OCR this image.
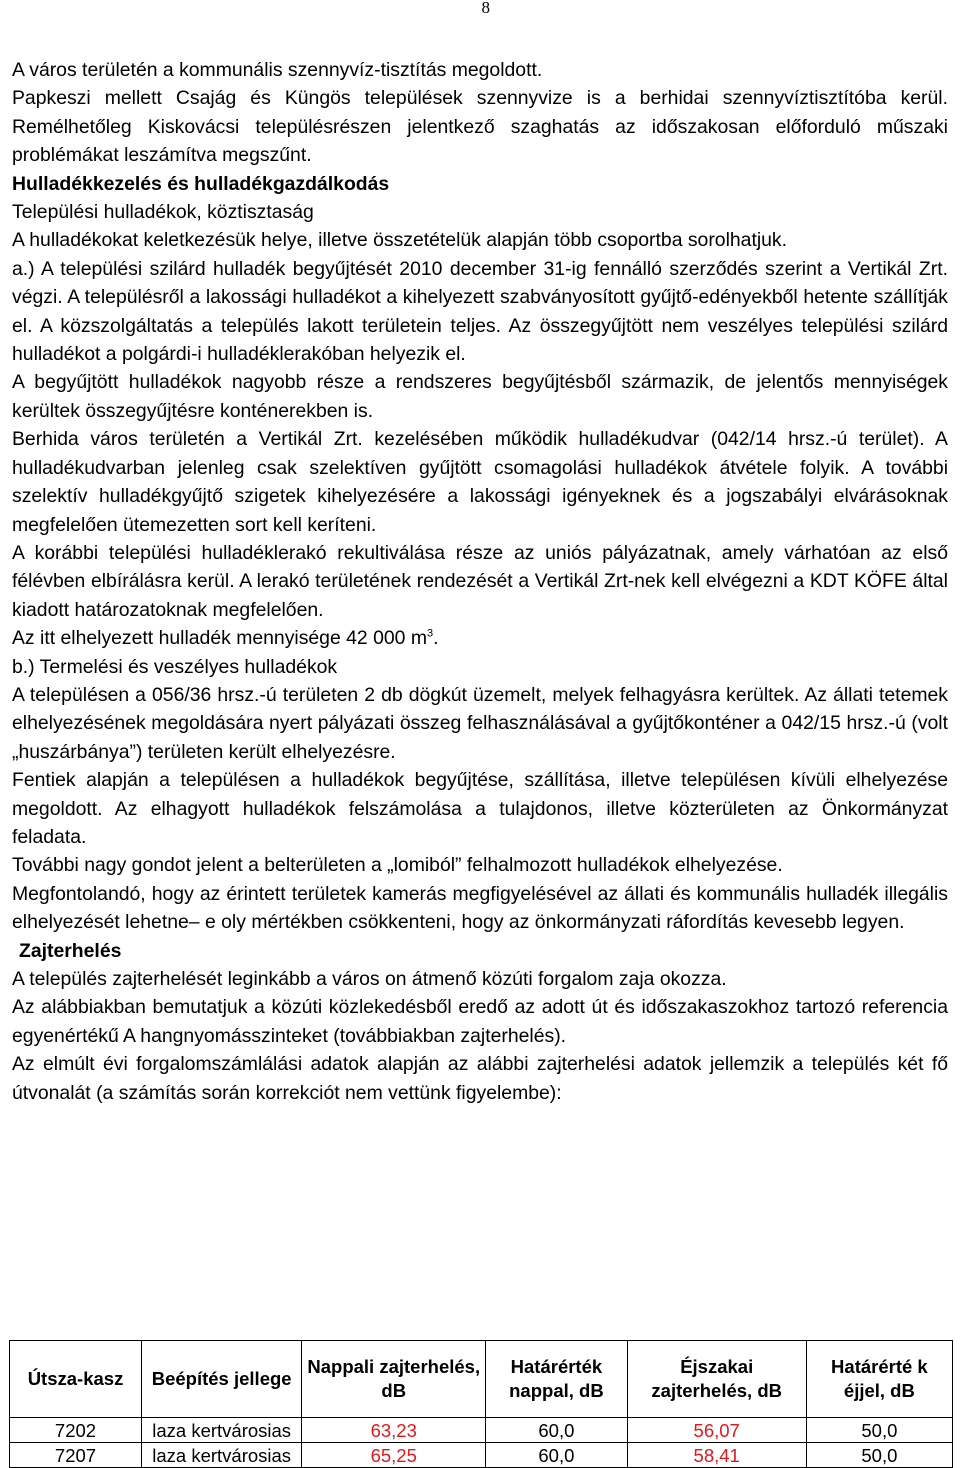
8

A város területén a kommunális szennyvíz-tisztítás megoldott.

Papkeszi mellett Csajág és Küngös települések szennyvize is a berhidai szennyvíztisztítóba kerül. Remélhetőleg Kiskovácsi településrészen jelentkező szaghatás az időszakosan előforduló műszaki problémákat leszámítva megszűnt.

Hulladékkezelés és hulladékgazdálkodás

Települési hulladékok, köztisztaság

A hulladékokat keletkezésük helye, illetve összetételük alapján több csoportba sorolhatjuk.

a.) A települési szilárd hulladék begyűjtését 2010 december 31-ig fennálló szerződés szerint a Vertikál Zrt. végzi. A településről a lakossági hulladékot a kihelyezett szabványosított gyűjtő-edényekből hetente szállítják el. A közszolgáltatás a település lakott területein teljes. Az összegyűjtött nem veszélyes települési szilárd hulladékot a polgárdi-i hulladéklerakóban helyezik el.

A begyűjtött hulladékok nagyobb része a rendszeres begyűjtésből származik, de jelentős mennyiségek kerültek összegyűjtésre konténerekben is.

Berhida város területén a Vertikál Zrt. kezelésében működik hulladékudvar (042/14 hrsz.-ú terület). A hulladékudvarban jelenleg csak szelektíven gyűjtött csomagolási hulladékok átvétele folyik. A további szelektív hulladékgyűjtő szigetek kihelyezésére a lakossági igényeknek és a jogszabályi elvárásoknak megfelelően ütemezetten sort kell keríteni.

A korábbi települési hulladéklerakó rekultiválása része az uniós pályázatnak, amely várhatóan az első félévben elbírálásra kerül. A lerakó területének rendezését a Vertikál Zrt-nek kell elvégezni a KDT KÖFE által kiadott határozatoknak megfelelően.

Az itt elhelyezett hulladék mennyisége 42 000 $m^3$.

b.) Termelési és veszélyes hulladékok

A településen a 056/36 hrsz.-ú területen 2 db dögkút üzemelt, melyek felhagyásra kerültek. Az állati tetemek elhelyezésének megoldására nyert pályázati összeg felhasználásával a gyűjtőkonténer a 042/15 hrsz.-ú (volt „huszárbánya”) területen került elhelyezésre.

Fentiek alapján a településen a hulladékok begyűjtése, szállítása, illetve településen kívüli elhelyezése megoldott. Az elhagyott hulladékok felszámolása a tulajdonos, illetve közterületen az Önkormányzat feladata.

További nagy gondot jelent a belterületen a „lomiból” felhalmozott hulladékok elhelyezése.

Megfontolandó, hogy az érintett területek kamerás megfigyelésével az állati és kommunális hulladék illegális elhelyezését lehetne– e oly mértékben csökkenteni, hogy az önkormányzati ráfordítás kevesebb legyen.

Zajterhelés

A település zajterhelését leginkább a város on átmenő közúti forgalom zaja okozza.

Az alábbiakban bemutatjuk a közúti közlekedésből eredő az adott út és időszakaszokhoz tartozó referencia egyenértékű A hangnyomásszinteket (továbbiakban zajterhelés).

Az elmúlt évi forgalomszámlálási adatok alapján az alábbi zajterhelési adatok jellemzik a település két fő útvonalát (a számítás során korrekciót nem vettünk figyelembe):

Útsza-kasz	Beépítés jellege	Nappali zajterhelés, dB	Határérték nappal, dB	Éjszakai zajterhelés, dB	Határérté k éjjel, dB
7202	laza kertvárosias	63,23	60,0	56,07	50,0
7207	laza kertvárosias	65,25	60,0	58,41	50,0
